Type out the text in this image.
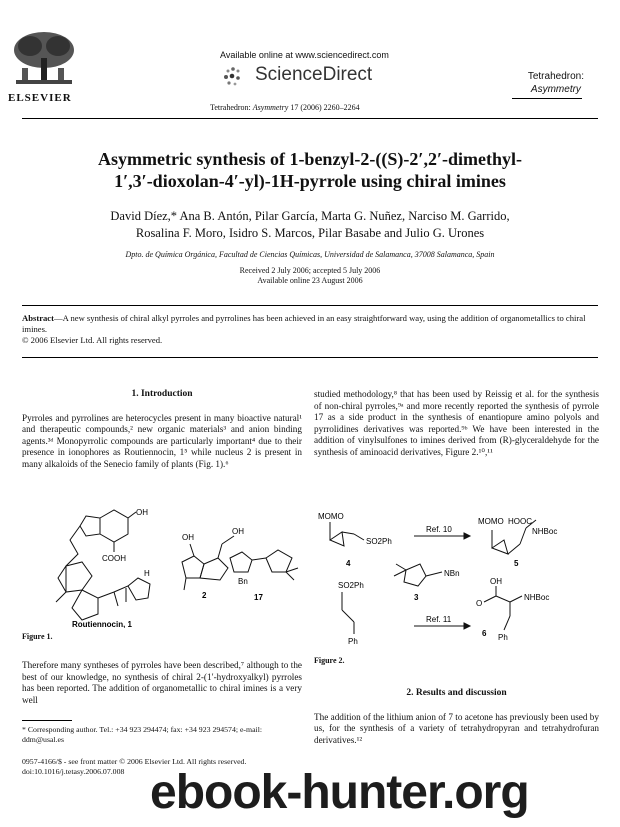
ELSEVIER
Available online at www.sciencedirect.com
ScienceDirect
Tetrahedron: Asymmetry 17 (2006) 2260–2264
Tetrahedron:
Asymmetry
Asymmetric synthesis of 1-benzyl-2-((S)-2′,2′-dimethyl-
1′,3′-dioxolan-4′-yl)-1H-pyrrole using chiral imines
David Díez,* Ana B. Antón, Pilar García, Marta G. Nuñez, Narciso M. Garrido,
Rosalina F. Moro, Isidro S. Marcos, Pilar Basabe and Julio G. Urones
Dpto. de Química Orgánica, Facultad de Ciencias Químicas, Universidad de Salamanca, 37008 Salamanca, Spain
Received 2 July 2006; accepted 5 July 2006
Available online 23 August 2006
Abstract—A new synthesis of chiral alkyl pyrroles and pyrrolines has been achieved in an easy straightforward way, using the addition of organometallics to chiral imines.
© 2006 Elsevier Ltd. All rights reserved.
1. Introduction
Pyrroles and pyrrolines are heterocycles present in many bioactive natural¹ and therapeutic compounds,² new organic materials³ and anion binding agents.³ᵈ Monopyrrolic compounds are particularly important⁴ due to their presence in ionophores as Routiennocin, 1⁵ while nucleus 2 is present in many alkaloids of the Senecio family of plants (Fig. 1).⁶
OH
COOH
OH
OH
Bn
H
2	17
Routiennocin, 1
Figure 1.
Therefore many syntheses of pyrroles have been described,⁷ although to the best of our knowledge, no synthesis of chiral 2-(1′-hydroxyalkyl) pyrroles has been reported. The addition of organometallic to chiral imines is a very well
* Corresponding author. Tel.: +34 923 294474; fax: +34 923 294574; e-mail: ddm@usal.es
0957-4166/$ - see front matter © 2006 Elsevier Ltd. All rights reserved.
doi:10.1016/j.tetasy.2006.07.008
studied methodology,⁸ that has been used by Reissig et al. for the synthesis of non-chiral pyrroles,⁹ᵃ and more recently reported the synthesis of pyrrole 17 as a side product in the synthesis of enantiopure amino polyols and pyrrolidines derivatives was reported.⁹ᵇ We have been interested in the addition of vinylsulfones to imines derived from (R)-glyceraldehyde for the synthesis of aminoacid derivatives, Figure 2.¹⁰,¹¹
MOMO
SO2Ph
Ref. 10
MOMO HOOC
NHBoc
NBn
4	5
3
SO2Ph
Ref. 11
OH
O
NHBoc
Ph
Ph
6
Figure 2.
2. Results and discussion
The addition of the lithium anion of 7 to acetone has previously been used by us, for the synthesis of a variety of tetrahydropyran and tetrahydrofuran derivatives.¹²
ebook-hunter.org
